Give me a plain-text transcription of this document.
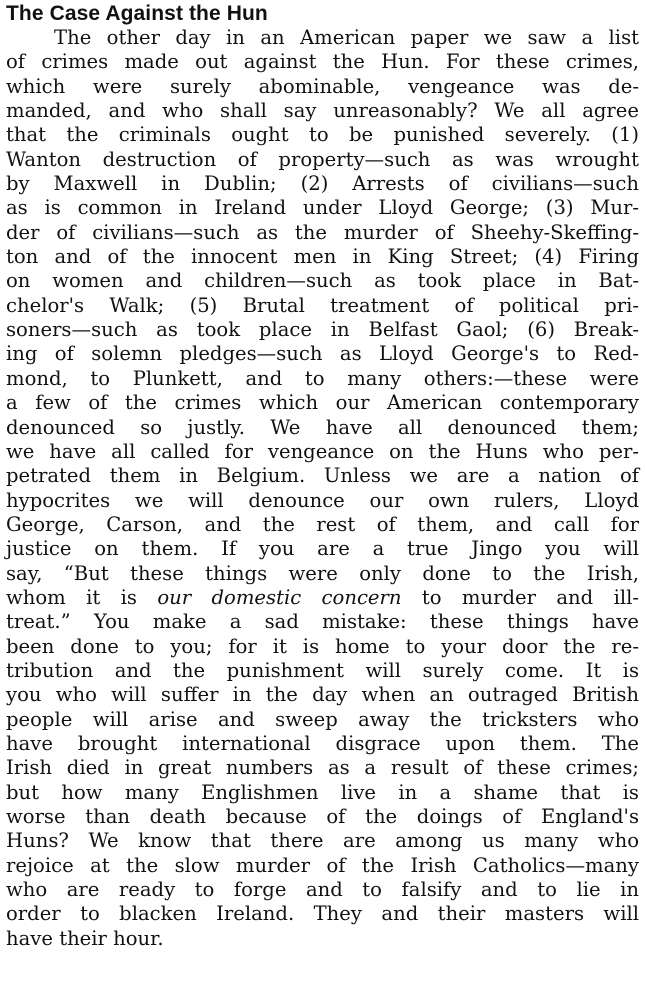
The Case Against the Hun
The other day in an American paper we saw a list
of crimes made out against the Hun. For these crimes,
which were surely abominable, vengeance was de-
manded, and who shall say unreasonably? We all agree
that the criminals ought to be punished severely. (1)
Wanton destruction of property—such as was wrought
by Maxwell in Dublin; (2) Arrests of civilians—such
as is common in Ireland under Lloyd George; (3) Mur-
der of civilians—such as the murder of Sheehy-Skeffing-
ton and of the innocent men in King Street; (4) Firing
on women and children—such as took place in Bat-
chelor's Walk; (5) Brutal treatment of political pri-
soners—such as took place in Belfast Gaol; (6) Break-
ing of solemn pledges—such as Lloyd George's to Red-
mond, to Plunkett, and to many others:—these were
a few of the crimes which our American contemporary
denounced so justly. We have all denounced them;
we have all called for vengeance on the Huns who per-
petrated them in Belgium. Unless we are a nation of
hypocrites we will denounce our own rulers, Lloyd
George, Carson, and the rest of them, and call for
justice on them. If you are a true Jingo you will
say, “But these things were only done to the Irish,
whom it is our domestic concern to murder and ill-
treat.” You make a sad mistake: these things have
been done to you; for it is home to your door the re-
tribution and the punishment will surely come. It is
you who will suffer in the day when an outraged British
people will arise and sweep away the tricksters who
have brought international disgrace upon them. The
Irish died in great numbers as a result of these crimes;
but how many Englishmen live in a shame that is
worse than death because of the doings of England's
Huns? We know that there are among us many who
rejoice at the slow murder of the Irish Catholics—many
who are ready to forge and to falsify and to lie in
order to blacken Ireland. They and their masters will
have their hour.
